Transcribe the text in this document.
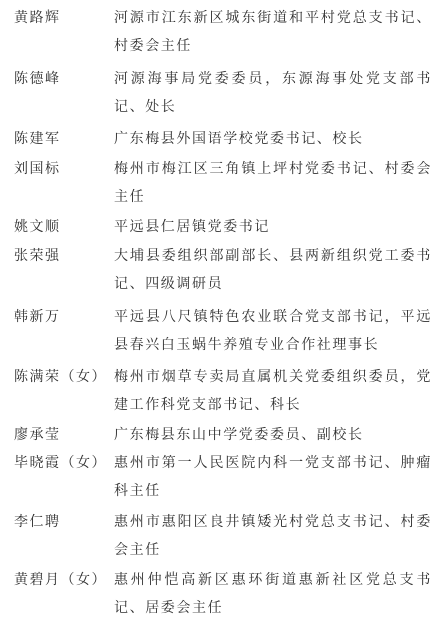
黄路辉	河源市江东新区城东街道和平村党总支书记、村委会主任
陈德峰	河源海事局党委委员，东源海事处党支部书记、处长
陈建军	广东梅县外国语学校党委书记、校长
刘国标	梅州市梅江区三角镇上坪村党委书记、村委会主任
姚文顺	平远县仁居镇党委书记
张荣强	大埔县委组织部副部长、县两新组织党工委书记、四级调研员
韩新万	平远县八尺镇特色农业联合党支部书记，平远县春兴白玉蜗牛养殖专业合作社理事长
陈满荣（女） 梅州市烟草专卖局直属机关党委组织委员，党建工作科党支部书记、科长
廖承莹	广东梅县东山中学党委委员、副校长
毕晓霞（女） 惠州市第一人民医院内科一党支部书记、肿瘤科主任
李仁聘	惠州市惠阳区良井镇矮光村党总支书记、村委会主任
黄碧月（女） 惠州仲恺高新区惠环街道惠新社区党总支书记、居委会主任
